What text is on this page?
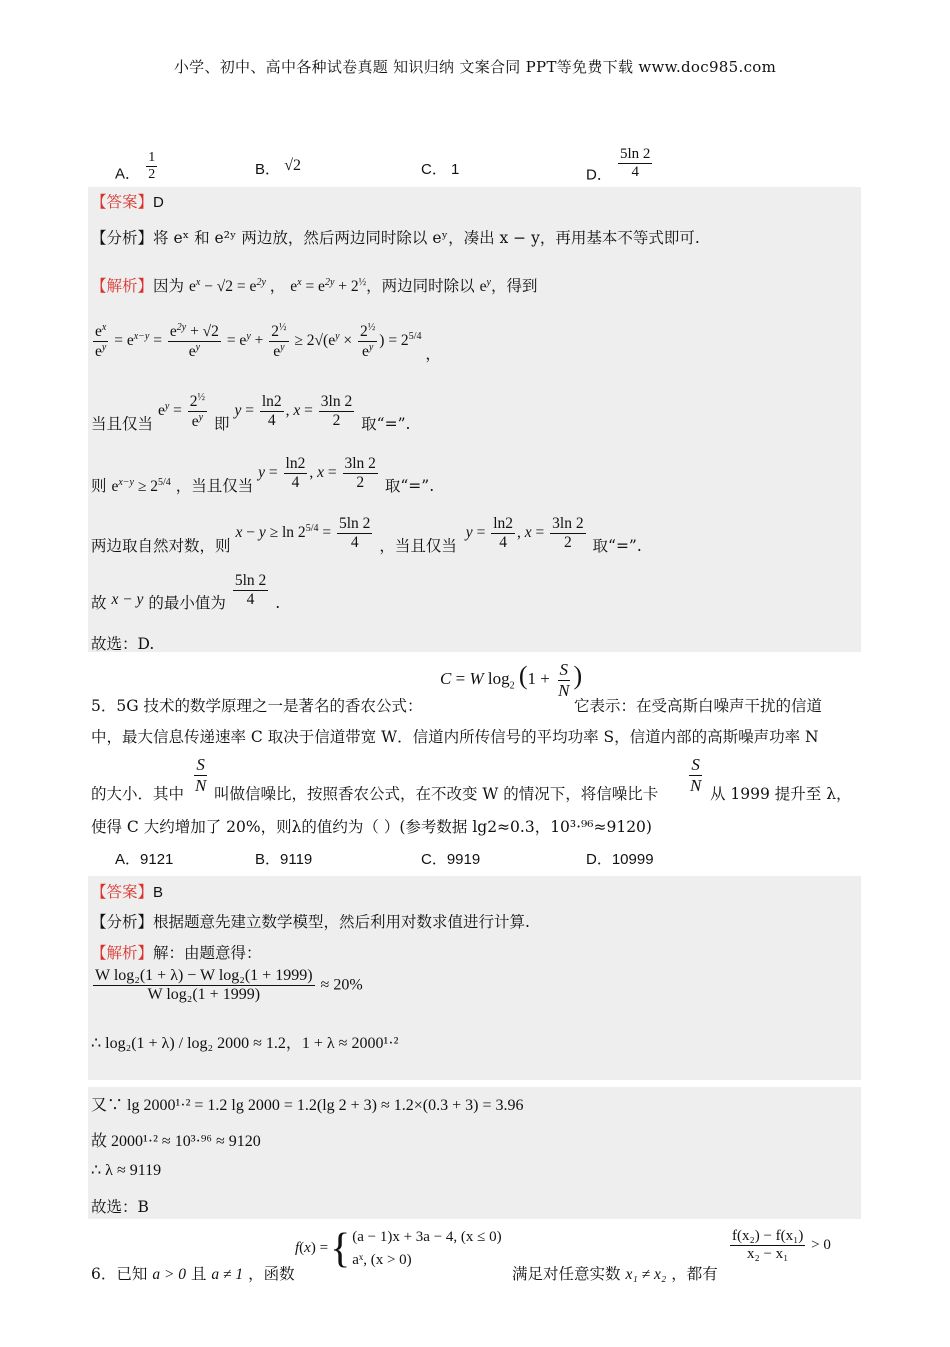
小学、初中、高中各种试卷真题 知识归纳 文案合同 PPT等免费下载 www.doc985.com
A． $\frac{1}{2}$	B． √2	C． 1	D． $\frac{5\ln 2}{4}$
【答案】D
【分析】将 eˣ 和 e²ʸ 两边放，然后两边同时除以 eʸ，凑出 x − y，再用基本不等式即可.
【解析】因为 $e^x - √2 = e^{2y}$ ， $e^x = e^{2y} + 2^{\frac{1}{2}}$，两边同时除以 $e^y$，得到
$\frac{e^x}{e^y} = e^{x-y} = \frac{e^{2y} + √2}{e^y} = e^y + \frac{2^{\frac{1}{2}}}{e^y} \ge 2√(e^y \times \frac{2^{\frac{1}{2}}}{e^y}$ ) = $2^{5/4}$ ，
当且仅当 $e^y = \frac{2^{\frac{1}{2}}}{e^y}$ 即 $y = \frac{\ln 2}{4}$ , $x = \frac{3\ln 2}{2}$ 取“=”.
则 $e^{x-y} \ge 2^{5/4}$ ，当且仅当 $y = \frac{\ln 2}{4}$ , $x = \frac{3\ln 2}{2}$ 取“=”.
两边取自然对数，则 $x - y \ge \ln 2^{5/4} = \frac{5\ln 2}{4}$ ，当且仅当 $y = \frac{\ln 2}{4}$ , $x = \frac{3\ln 2}{2}$ 取“=”.
故 x − y 的最小值为 $\frac{5\ln 2}{4}$ .
故选：D.
C = W $\log_2 (1 + \frac{S}{N}$ )
5．5G 技术的数学原理之一是著名的香农公式：	它表示：在受高斯白噪声干扰的信道
中，最大信息传递速率 C 取决于信道带宽 W．信道内所传信号的平均功率 S，信道内部的高斯噪声功率 N
的大小．其中 $\frac{S}{N}$ 叫做信噪比，按照香农公式，在不改变 W 的情况下，将信噪比卡 $\frac{S}{N}$ 从 1999 提升至 λ，
使得 C 大约增加了 20%，则λ的值约为（ ）(参考数据 lg2≈0.3，10³·⁹⁶≈9120)
A．9121	B．9119	C．9919	D．10999
【答案】B
【分析】根据题意先建立数学模型，然后利用对数求值进行计算.
【解析】解：由题意得：
$\frac{\text{W log₂(1 + λ) − W log₂(1 + 1999)}}{\text{W log₂(1 + 1999)}} \approx 20\%$
∴ log₂(1 + λ) / log₂ 2000 ≈ 1.2，1 + λ ≈ 2000¹·²
又∵ lg 2000¹·² = 1.2 lg 2000 = 1.2(lg 2 + 3) ≈ 1.2×(0.3 + 3) = 3.96
故 2000¹·² ≈ 10³·⁹⁶ ≈ 9120
∴ λ ≈ 9119
故选：B
6．已知 a > 0 且 a ≠ 1 ，函数
f ( x ) = { (a − 1)x + 3a − 4, (x ≤ 0)
aˣ, (x > 0)
满足对任意实数 x₁ ≠ x₂ ，都有
$\frac{\text{f(x₂) − f(x₁)}}{\text{x₂ − x₁}} > 0$
